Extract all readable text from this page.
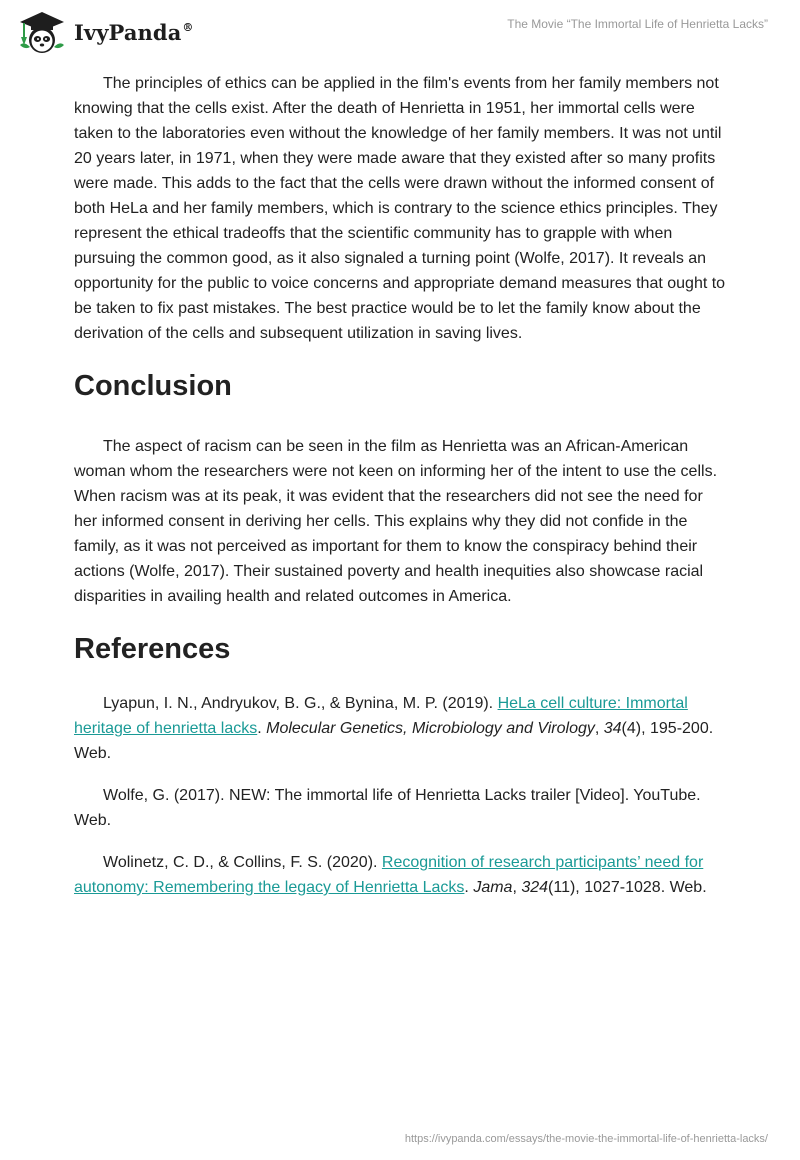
IvyPanda®	The Movie “The Immortal Life of Henrietta Lacks”

The principles of ethics can be applied in the film's events from her family members not knowing that the cells exist. After the death of Henrietta in 1951, her immortal cells were taken to the laboratories even without the knowledge of her family members. It was not until 20 years later, in 1971, when they were made aware that they existed after so many profits were made. This adds to the fact that the cells were drawn without the informed consent of both HeLa and her family members, which is contrary to the science ethics principles. They represent the ethical tradeoffs that the scientific community has to grapple with when pursuing the common good, as it also signaled a turning point (Wolfe, 2017). It reveals an opportunity for the public to voice concerns and appropriate demand measures that ought to be taken to fix past mistakes. The best practice would be to let the family know about the derivation of the cells and subsequent utilization in saving lives.

Conclusion

The aspect of racism can be seen in the film as Henrietta was an African-American woman whom the researchers were not keen on informing her of the intent to use the cells. When racism was at its peak, it was evident that the researchers did not see the need for her informed consent in deriving her cells. This explains why they did not confide in the family, as it was not perceived as important for them to know the conspiracy behind their actions (Wolfe, 2017). Their sustained poverty and health inequities also showcase racial disparities in availing health and related outcomes in America.

References

Lyapun, I. N., Andryukov, B. G., & Bynina, M. P. (2019). HeLa cell culture: Immortal heritage of henrietta lacks. Molecular Genetics, Microbiology and Virology, 34(4), 195-200. Web.

Wolfe, G. (2017). NEW: The immortal life of Henrietta Lacks trailer [Video]. YouTube. Web.

Wolinetz, C. D., & Collins, F. S. (2020). Recognition of research participants’ need for autonomy: Remembering the legacy of Henrietta Lacks. Jama, 324(11), 1027-1028. Web.

https://ivypanda.com/essays/the-movie-the-immortal-life-of-henrietta-lacks/
